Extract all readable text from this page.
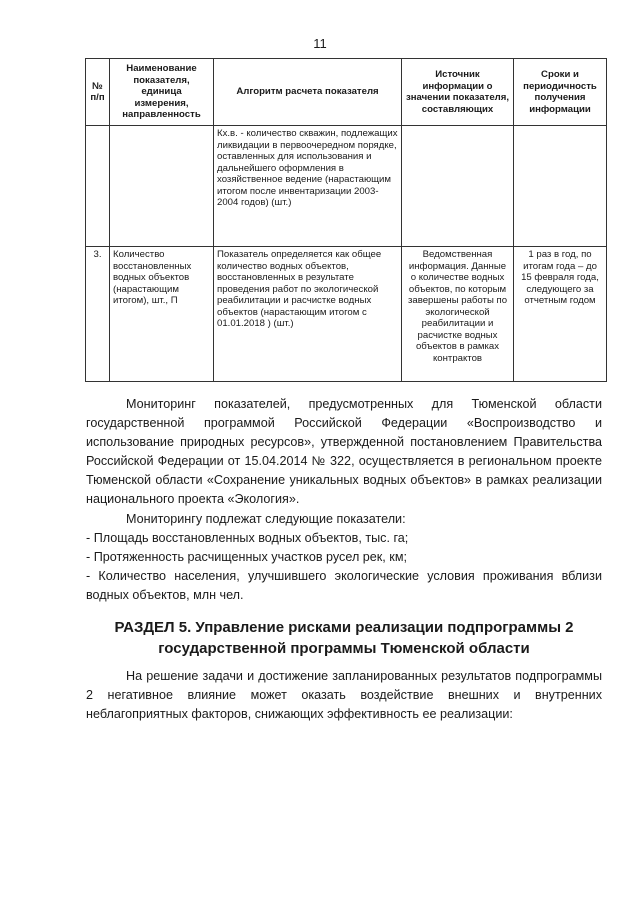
11
№ п/п	Наименование показателя, единица измерения, направленность	Алгоритм расчета показателя	Источник информации о значении показателя, составляющих	Сроки и периодичность получения информации
		Кх.в. - количество скважин, подлежащих ликвидации в первоочередном порядке, оставленных для использования и дальнейшего оформления в хозяйственное ведение (нарастающим итогом после инвентаризации 2003-2004 годов) (шт.)		
3.	Количество восстановленных водных объектов (нарастающим итогом), шт., П	Показатель определяется как общее количество водных объектов, восстановленных в результате проведения работ по экологической реабилитации и расчистке водных объектов (нарастающим итогом с 01.01.2018 ) (шт.)	Ведомственная информация. Данные о количестве водных объектов, по которым завершены работы по экологической реабилитации и расчистке водных объектов в рамках контрактов	1 раз в год, по итогам года – до 15 февраля года, следующего за отчетным годом

Мониторинг показателей, предусмотренных для Тюменской области государственной программой Российской Федерации «Воспроизводство и использование природных ресурсов», утвержденной постановлением Правительства Российской Федерации от 15.04.2014 № 322, осуществляется в региональном проекте Тюменской области «Сохранение уникальных водных объектов» в рамках реализации национального проекта «Экология».

Мониторингу подлежат следующие показатели:

- Площадь восстановленных водных объектов, тыс. га;

- Протяженность расчищенных участков русел рек, км;

- Количество населения, улучшившего экологические условия проживания вблизи водных объектов, млн чел.

РАЗДЕЛ 5. Управление рисками реализации подпрограммы 2 государственной программы Тюменской области

На решение задачи и достижение запланированных результатов подпрограммы 2 негативное влияние может оказать воздействие внешних и внутренних неблагоприятных факторов, снижающих эффективность ее реализации:
